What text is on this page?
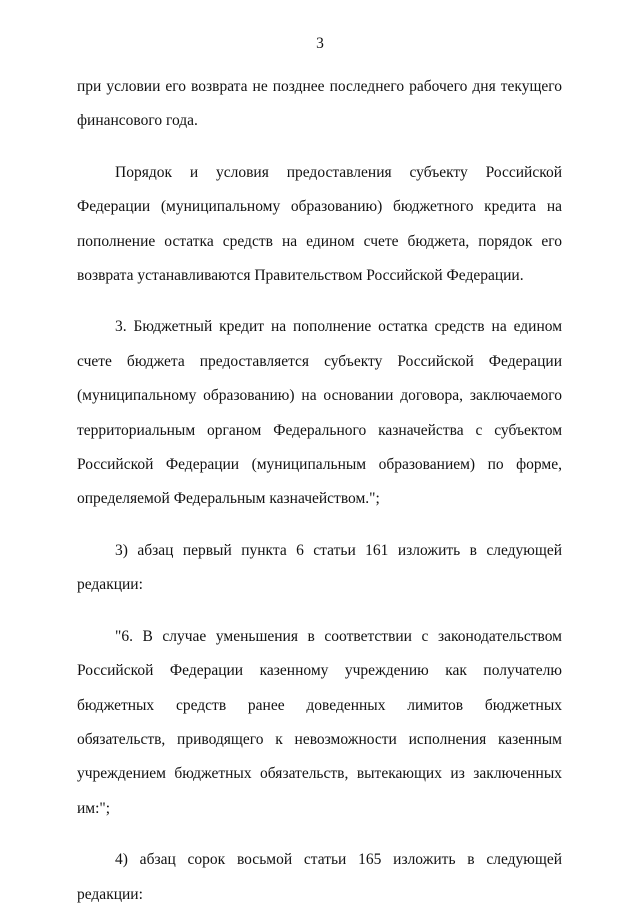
3

при условии его возврата не позднее последнего рабочего дня текущего финансового года.

Порядок и условия предоставления субъекту Российской Федерации (муниципальному образованию) бюджетного кредита на пополнение остатка средств на едином счете бюджета, порядок его возврата устанавливаются Правительством Российской Федерации.

3. Бюджетный кредит на пополнение остатка средств на едином счете бюджета предоставляется субъекту Российской Федерации (муниципальному образованию) на основании договора, заключаемого территориальным органом Федерального казначейства с субъектом Российской Федерации (муниципальным образованием) по форме, определяемой Федеральным казначейством.";

3) абзац первый пункта 6 статьи 161 изложить в следующей редакции:

"6. В случае уменьшения в соответствии с законодательством Российской Федерации казенному учреждению как получателю бюджетных средств ранее доведенных лимитов бюджетных обязательств, приводящего к невозможности исполнения казенным учреждением бюджетных обязательств, вытекающих из заключенных им:";

4) абзац сорок восьмой статьи 165 изложить в следующей редакции:
